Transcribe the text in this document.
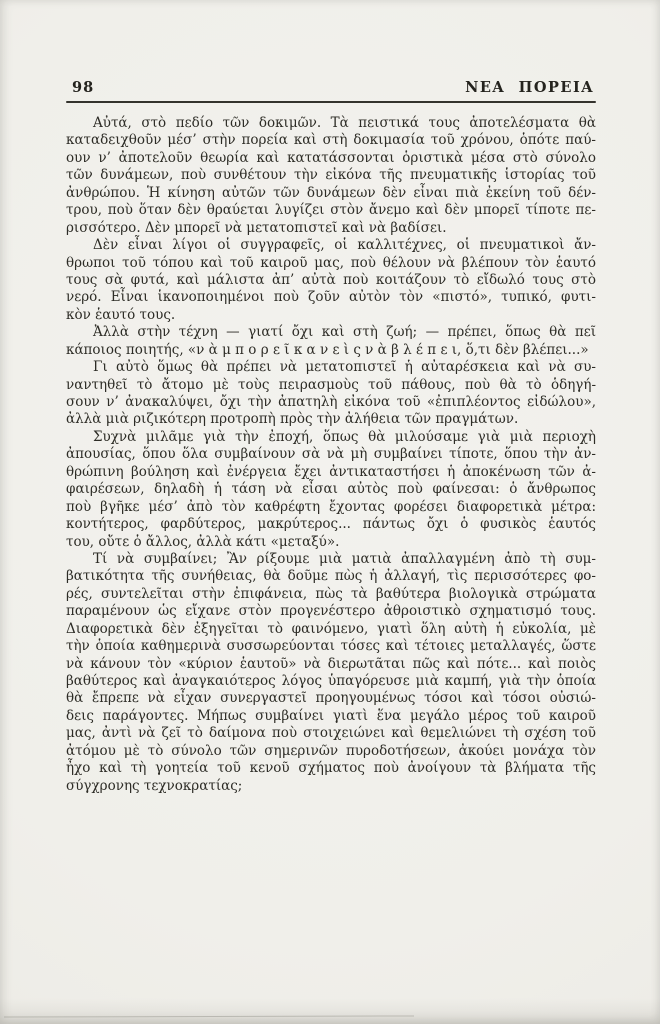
98	ΝΕΑ ΠΟΡΕΙΑ
Αὐτά, στὸ πεδίο τῶν δοκιμῶν. Τὰ πειστικά τους ἀποτελέσματα θὰ
καταδειχθοῦν μέσ’ στὴν πορεία καὶ στὴ δοκιμασία τοῦ χρόνου, ὁπότε παύ-
ουν ν’ ἀποτελοῦν θεωρία καὶ κατατάσσονται ὁριστικὰ μέσα στὸ σύνολο
τῶν δυνάμεων, ποὺ συνθέτουν τὴν εἰκόνα τῆς πνευματικῆς ἱστορίας τοῦ
ἀνθρώπου. Ἡ κίνηση αὐτῶν τῶν δυνάμεων δὲν εἶναι πιὰ ἐκείνη τοῦ δέν-
τρου, ποὺ ὅταν δὲν θραύεται λυγίζει στὸν ἄνεμο καὶ δὲν μπορεῖ τίποτε πε-
ρισσότερο. Δὲν μπορεῖ νὰ μετατοπιστεῖ καὶ νὰ βαδίσει.
Δὲν εἶναι λίγοι οἱ συγγραφεῖς, οἱ καλλιτέχνες, οἱ πνευματικοὶ ἄν-
θρωποι τοῦ τόπου καὶ τοῦ καιροῦ μας, ποὺ θέλουν νὰ βλέπουν τὸν ἑαυτό
τους σὰ φυτά, καὶ μάλιστα ἀπ’ αὐτὰ ποὺ κοιτάζουν τὸ εἴδωλό τους στὸ
νερό. Εἶναι ἱκανοποιημένοι ποὺ ζοῦν αὐτὸν τὸν «πιστό», τυπικό, φυτι-
κὸν ἑαυτό τους.
Ἀλλὰ στὴν τέχνη — γιατί ὄχι καὶ στὴ ζωή; — πρέπει, ὅπως θὰ πεῖ
κάποιος ποιητής, «ν ὰ μ π ο ρ ε ῖ κ α ν ε ὶ ς ν ὰ β λ έ π ε ι, ὅ,τι δὲν βλέπει...»
Γι αὐτὸ ὅμως θὰ πρέπει νὰ μετατοπιστεῖ ἡ αὐταρέσκεια καὶ νὰ συ-
ναντηθεῖ τὸ ἄτομο μὲ τοὺς πειρασμοὺς τοῦ πάθους, ποὺ θὰ τὸ ὁδηγή-
σουν ν’ ἀνακαλύψει, ὄχι τὴν ἀπατηλὴ εἰκόνα τοῦ «ἐπιπλέοντος εἰδώλου»,
ἀλλὰ μιὰ ριζικότερη προτροπὴ πρὸς τὴν ἀλήθεια τῶν πραγμάτων.
Συχνὰ μιλᾶμε γιὰ τὴν ἐποχή, ὅπως θὰ μιλούσαμε γιὰ μιὰ περιοχὴ
ἀπουσίας, ὅπου ὅλα συμβαίνουν σὰ νὰ μὴ συμβαίνει τίποτε, ὅπου τὴν ἀν-
θρώπινη βούληση καὶ ἐνέργεια ἔχει ἀντικαταστήσει ἡ ἀποκένωση τῶν ἀ-
φαιρέσεων, δηλαδὴ ἡ τάση νὰ εἶσαι αὐτὸς ποὺ φαίνεσαι: ὁ ἄνθρωπος
ποὺ βγῆκε μέσ’ ἀπὸ τὸν καθρέφτη ἔχοντας φορέσει διαφορετικὰ μέτρα:
κοντήτερος, φαρδύτερος, μακρύτερος... πάντως ὄχι ὁ φυσικὸς ἑαυτός
του, οὔτε ὁ ἄλλος, ἀλλὰ κάτι «μεταξύ».
Τί νὰ συμβαίνει; Ἂν ρίξουμε μιὰ ματιὰ ἀπαλλαγμένη ἀπὸ τὴ συμ-
βατικότητα τῆς συνήθειας, θὰ δοῦμε πὼς ἡ ἀλλαγή, τὶς περισσότερες φο-
ρές, συντελεῖται στὴν ἐπιφάνεια, πὼς τὰ βαθύτερα βιολογικὰ στρώματα
παραμένουν ὡς εἴχανε στὸν προγενέστερο ἀθροιστικὸ σχηματισμό τους.
Διαφορετικὰ δὲν ἐξηγεῖται τὸ φαινόμενο, γιατὶ ὅλη αὐτὴ ἡ εὐκολία, μὲ
τὴν ὁποία καθημερινὰ συσσωρεύονται τόσες καὶ τέτοιες μεταλλαγές, ὥστε
νὰ κάνουν τὸν «κύριον ἑαυτοῦ» νὰ διερωτᾶται πῶς καὶ πότε... καὶ ποιὸς
βαθύτερος καὶ ἀναγκαιότερος λόγος ὑπαγόρευσε μιὰ καμπή, γιὰ τὴν ὁποία
θὰ ἔπρεπε νὰ εἶχαν συνεργαστεῖ προηγουμένως τόσοι καὶ τόσοι οὐσιώ-
δεις παράγοντες. Μήπως συμβαίνει γιατὶ ἕνα μεγάλο μέρος τοῦ καιροῦ
μας, ἀντὶ νὰ ζεῖ τὸ δαίμονα ποὺ στοιχειώνει καὶ θεμελιώνει τὴ σχέση τοῦ
ἀτόμου μὲ τὸ σύνολο τῶν σημερινῶν πυροδοτήσεων, ἀκούει μονάχα τὸν
ἦχο καὶ τὴ γοητεία τοῦ κενοῦ σχήματος ποὺ ἀνοίγουν τὰ βλήματα τῆς
σύγχρονης τεχνοκρατίας;
